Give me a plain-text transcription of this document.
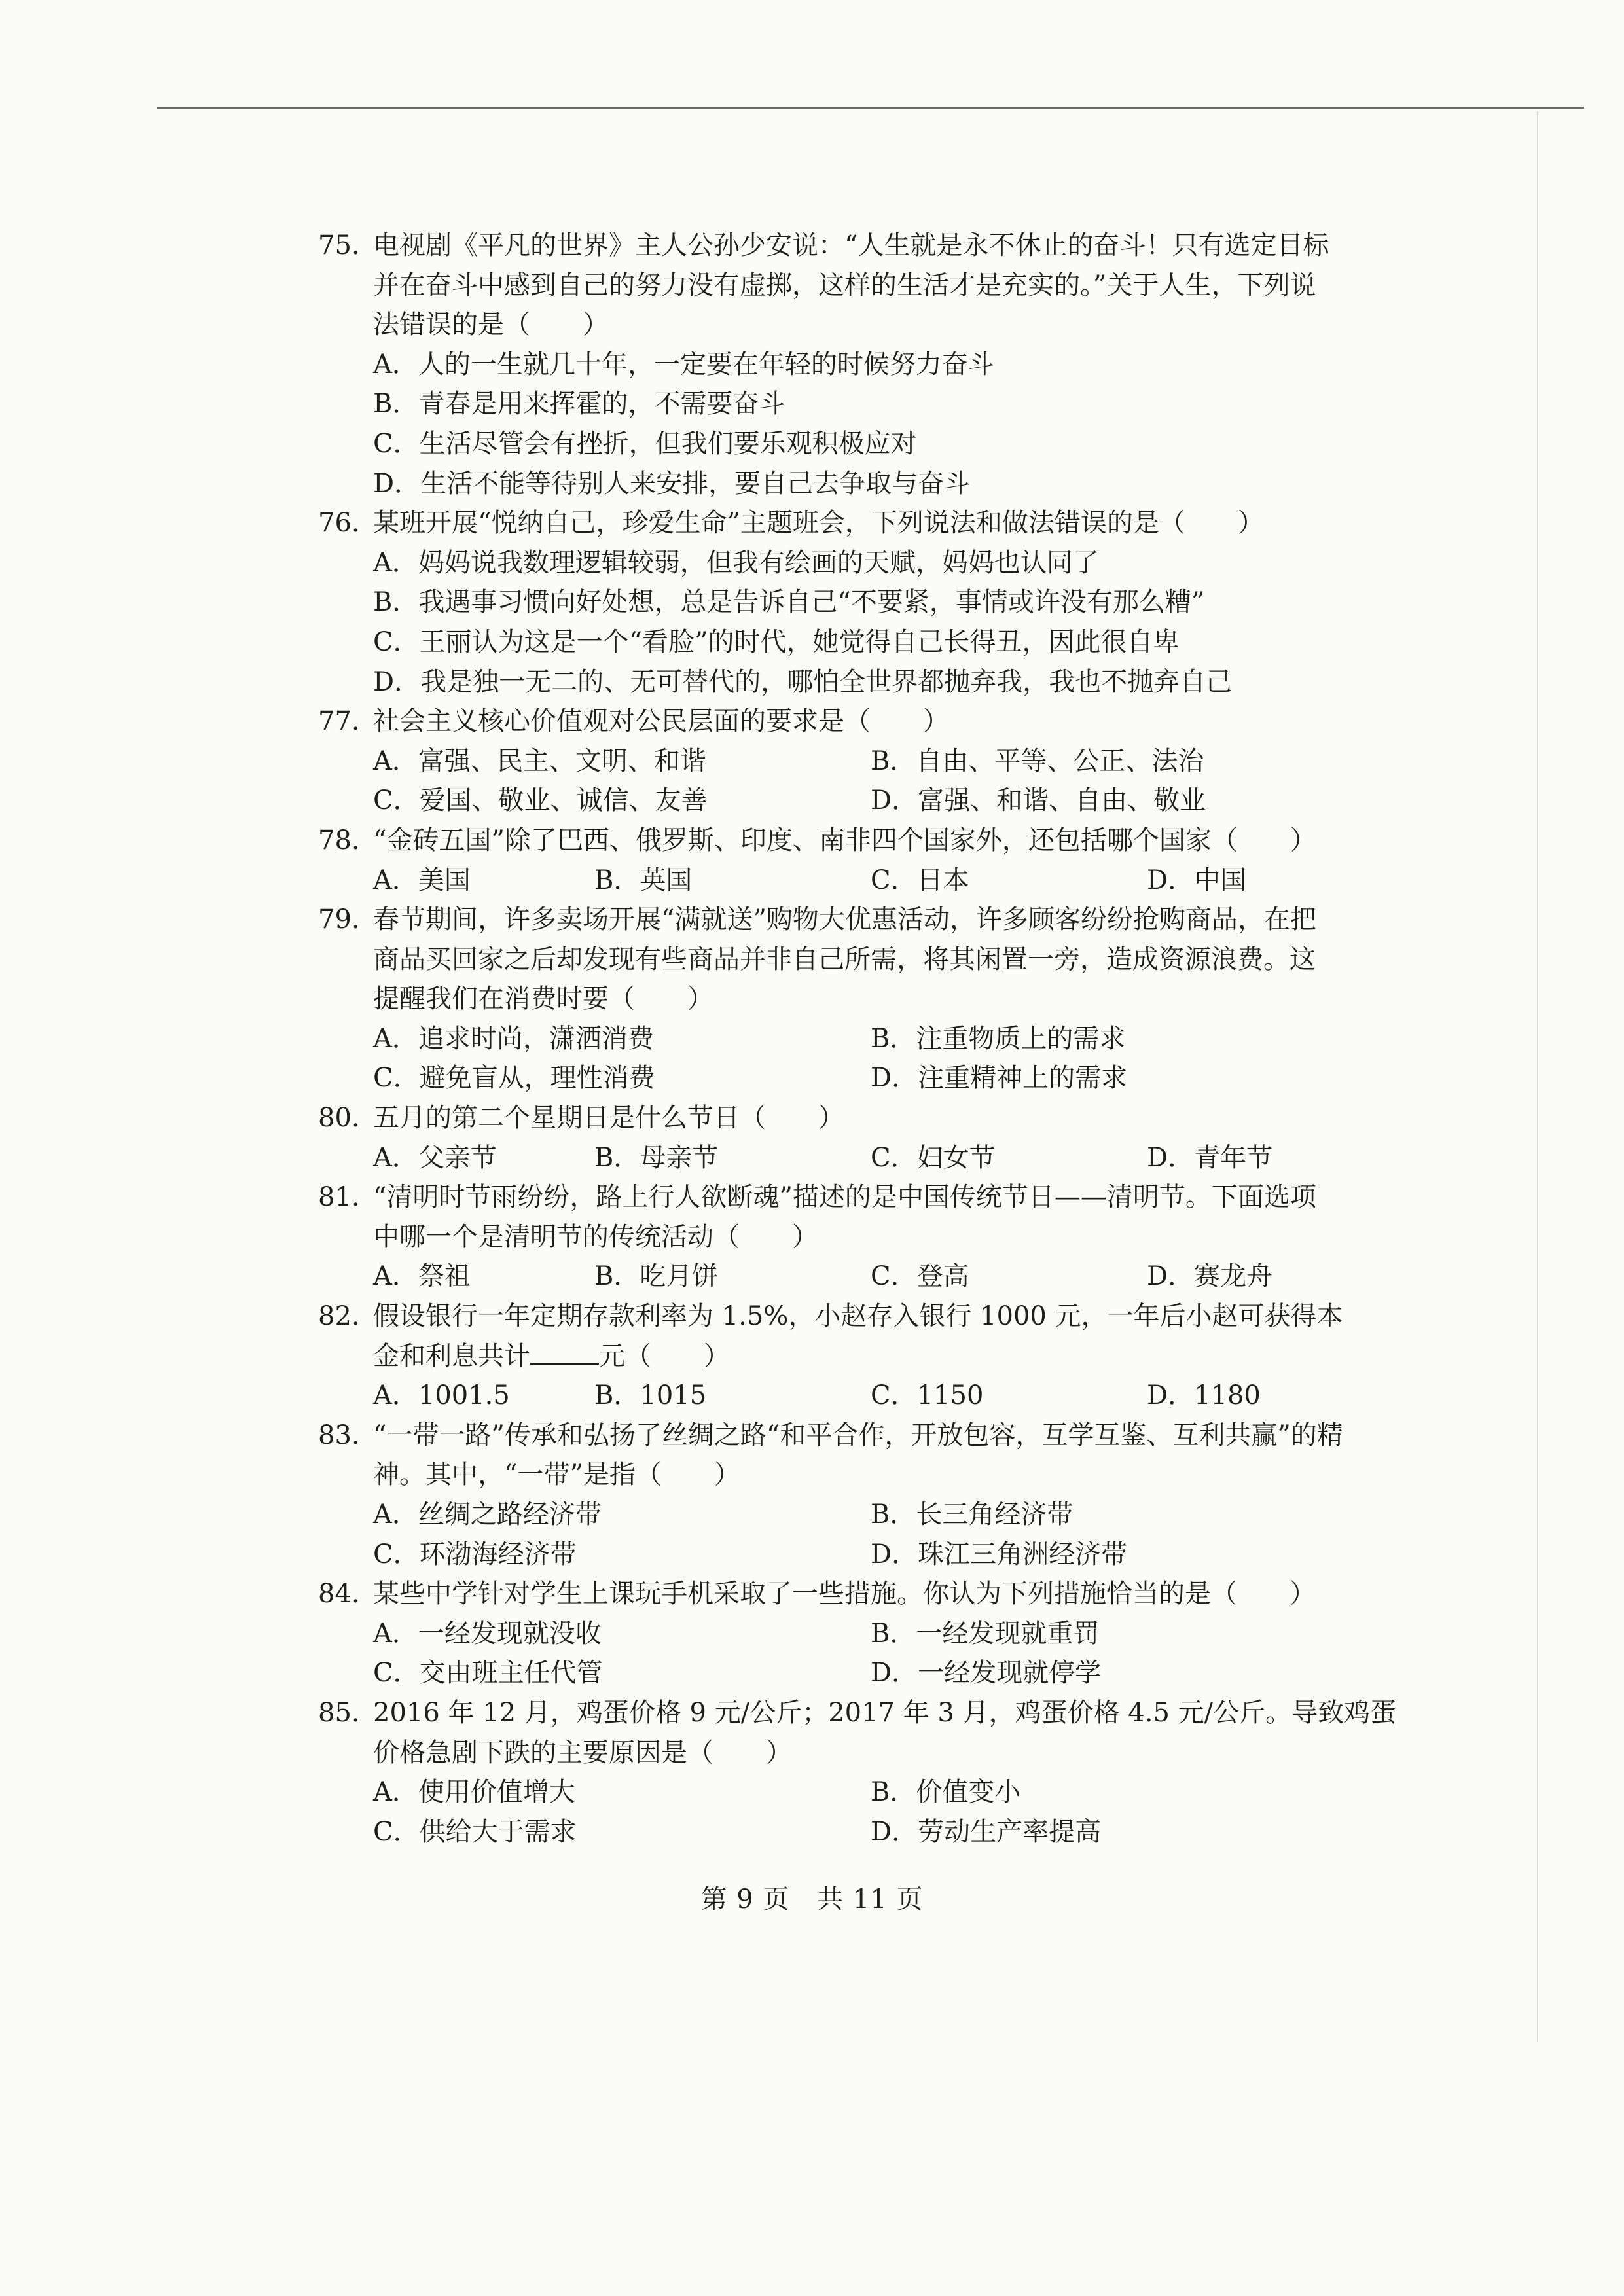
75. 电视剧《平凡的世界》主人公孙少安说：“人生就是永不休止的奋斗！只有选定目标
并在奋斗中感到自己的努力没有虚掷，这样的生活才是充实的。”关于人生，下列说
法错误的是（　　）
A．人的一生就几十年，一定要在年轻的时候努力奋斗
B．青春是用来挥霍的，不需要奋斗
C．生活尽管会有挫折，但我们要乐观积极应对
D．生活不能等待别人来安排，要自己去争取与奋斗
76. 某班开展“悦纳自己，珍爱生命”主题班会，下列说法和做法错误的是（　　）
A．妈妈说我数理逻辑较弱，但我有绘画的天赋，妈妈也认同了
B．我遇事习惯向好处想，总是告诉自己“不要紧，事情或许没有那么糟”
C．王丽认为这是一个“看脸”的时代，她觉得自己长得丑，因此很自卑
D．我是独一无二的、无可替代的，哪怕全世界都抛弃我，我也不抛弃自己
77. 社会主义核心价值观对公民层面的要求是（　　）
A．富强、民主、文明、和谐	B．自由、平等、公正、法治
C．爱国、敬业、诚信、友善	D．富强、和谐、自由、敬业
78. “金砖五国”除了巴西、俄罗斯、印度、南非四个国家外，还包括哪个国家（　　）
A．美国	B．英国	C．日本	D．中国
79. 春节期间，许多卖场开展“满就送”购物大优惠活动，许多顾客纷纷抢购商品，在把
商品买回家之后却发现有些商品并非自己所需，将其闲置一旁，造成资源浪费。这
提醒我们在消费时要（　　）
A．追求时尚，潇洒消费	B．注重物质上的需求
C．避免盲从，理性消费	D．注重精神上的需求
80. 五月的第二个星期日是什么节日（　　）
A．父亲节	B．母亲节	C．妇女节	D．青年节
81. “清明时节雨纷纷，路上行人欲断魂”描述的是中国传统节日——清明节。下面选项
中哪一个是清明节的传统活动（　　）
A．祭祖	B．吃月饼	C．登高	D．赛龙舟
82. 假设银行一年定期存款利率为 1.5%，小赵存入银行 1000 元，一年后小赵可获得本
金和利息共计	元（　　）
A．1001.5	B．1015	C．1150	D．1180
83. “一带一路”传承和弘扬了丝绸之路“和平合作，开放包容，互学互鉴、互利共赢”的精
神。其中，“一带”是指（　　）
A．丝绸之路经济带	B．长三角经济带
C．环渤海经济带	D．珠江三角洲经济带
84. 某些中学针对学生上课玩手机采取了一些措施。你认为下列措施恰当的是（　　）
A．一经发现就没收	B．一经发现就重罚
C．交由班主任代管	D．一经发现就停学
85. 2016 年 12 月，鸡蛋价格 9 元/公斤；2017 年 3 月，鸡蛋价格 4.5 元/公斤。导致鸡蛋
价格急剧下跌的主要原因是（　　）
A．使用价值增大	B．价值变小
C．供给大于需求	D．劳动生产率提高
第 9 页 共 11 页
